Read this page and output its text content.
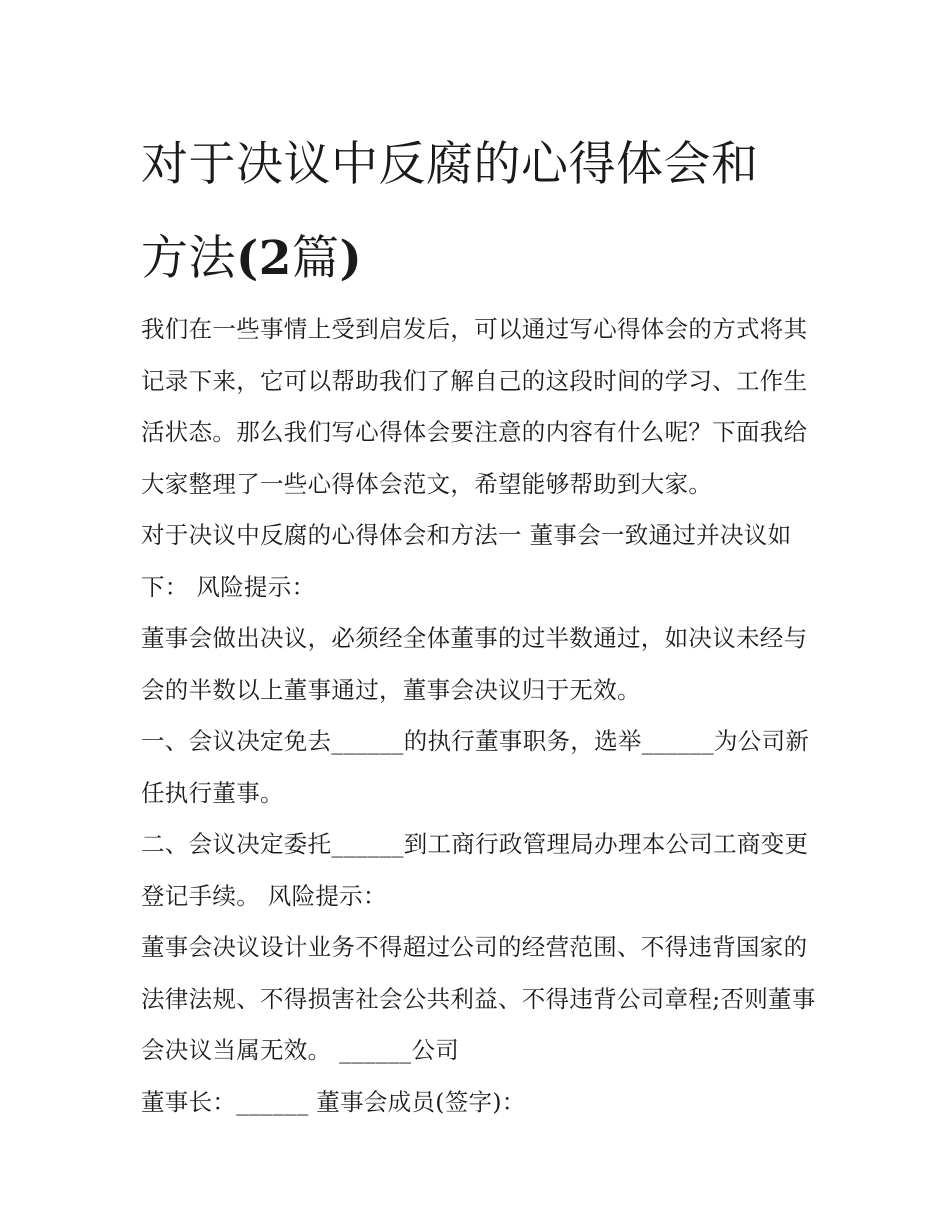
对于决议中反腐的心得体会和
方法(2篇)

我们在一些事情上受到启发后，可以通过写心得体会的方式将其记录下来，它可以帮助我们了解自己的这段时间的学习、工作生活状态。那么我们写心得体会要注意的内容有什么呢？下面我给大家整理了一些心得体会范文，希望能够帮助到大家。

对于决议中反腐的心得体会和方法一 董事会一致通过并决议如下： 风险提示：

董事会做出决议，必须经全体董事的过半数通过，如决议未经与会的半数以上董事通过，董事会决议归于无效。

一、会议决定免去______的执行董事职务，选举______为公司新任执行董事。

二、会议决定委托______到工商行政管理局办理本公司工商变更登记手续。 风险提示：

董事会决议设计业务不得超过公司的经营范围、不得违背国家的法律法规、不得损害社会公共利益、不得违背公司章程;否则董事会决议当属无效。 ______公司

董事长：______ 董事会成员(签字)：
